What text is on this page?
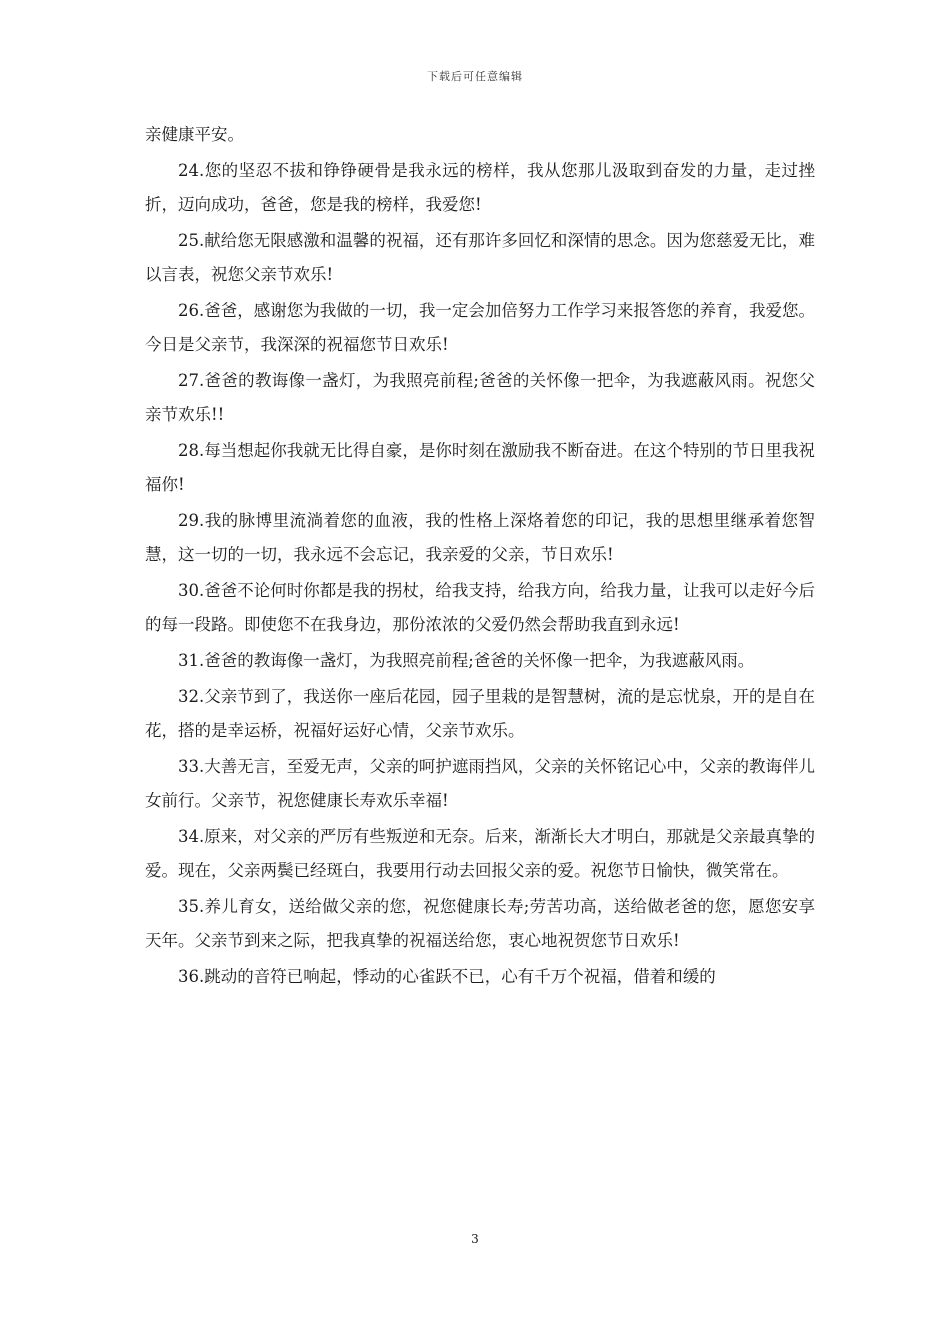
下载后可任意编辑

亲健康平安。

24.您的坚忍不拔和铮铮硬骨是我永远的榜样，我从您那儿汲取到奋发的力量，走过挫折，迈向成功，爸爸，您是我的榜样，我爱您!

25.献给您无限感激和温馨的祝福，还有那许多回忆和深情的思念。因为您慈爱无比，难以言表，祝您父亲节欢乐!

26.爸爸，感谢您为我做的一切，我一定会加倍努力工作学习来报答您的养育，我爱您。今日是父亲节，我深深的祝福您节日欢乐!

27.爸爸的教诲像一盏灯，为我照亮前程;爸爸的关怀像一把伞，为我遮蔽风雨。祝您父亲节欢乐!!

28.每当想起你我就无比得自豪，是你时刻在激励我不断奋进。在这个特别的节日里我祝福你!

29.我的脉博里流淌着您的血液，我的性格上深烙着您的印记，我的思想里继承着您智慧，这一切的一切，我永远不会忘记，我亲爱的父亲，节日欢乐!

30.爸爸不论何时你都是我的拐杖，给我支持，给我方向，给我力量，让我可以走好今后的每一段路。即使您不在我身边，那份浓浓的父爱仍然会帮助我直到永远!

31.爸爸的教诲像一盏灯，为我照亮前程;爸爸的关怀像一把伞，为我遮蔽风雨。

32.父亲节到了，我送你一座后花园，园子里栽的是智慧树，流的是忘忧泉，开的是自在花，搭的是幸运桥，祝福好运好心情，父亲节欢乐。

33.大善无言，至爱无声，父亲的呵护遮雨挡风，父亲的关怀铭记心中，父亲的教诲伴儿女前行。父亲节，祝您健康长寿欢乐幸福!

34.原来，对父亲的严厉有些叛逆和无奈。后来，渐渐长大才明白，那就是父亲最真挚的爱。现在，父亲两鬓已经斑白，我要用行动去回报父亲的爱。祝您节日愉快，微笑常在。

35.养儿育女，送给做父亲的您，祝您健康长寿;劳苦功高，送给做老爸的您，愿您安享天年。父亲节到来之际，把我真挚的祝福送给您，衷心地祝贺您节日欢乐!

36.跳动的音符已响起，悸动的心雀跃不已，心有千万个祝福，借着和缓的

3
